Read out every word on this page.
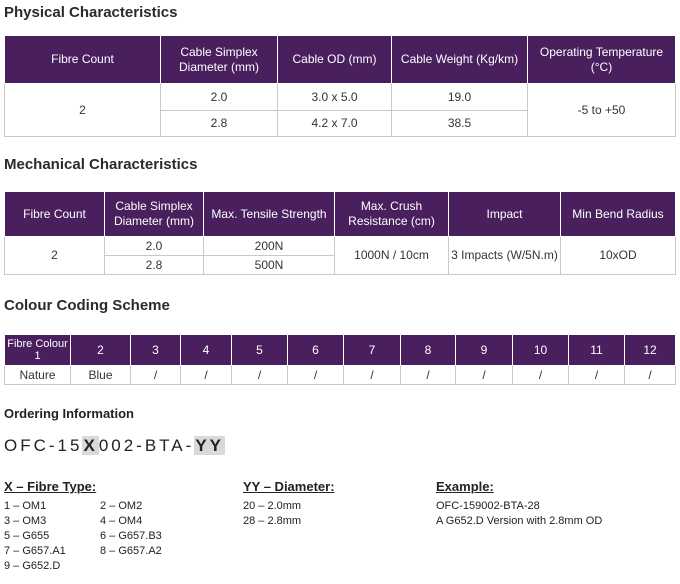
Physical Characteristics
Fibre Count	Cable Simplex Diameter (mm)	Cable OD (mm)	Cable Weight (Kg/km)	Operating Temperature (°C)
2	2.0	3.0 x 5.0	19.0	-5 to +50
	2.8	4.2 x 7.0	38.5	
Mechanical Characteristics
Fibre Count	Cable Simplex Diameter (mm)	Max. Tensile Strength	Max. Crush Resistance (cm)	Impact	Min Bend Radius
2	2.0	200N	1000N / 10cm	3 Impacts (W/5N.m)	10xOD
	2.8	500N			
Colour Coding Scheme
Fibre Colour 1	2	3	4	5	6	7	8	9	10	11	12
Nature	Blue	/	/	/	/	/	/	/	/	/	/
Ordering Information
OFC-15X002-BTA-YY
X – Fibre Type:
1 – OM1
3 – OM3
5 – G655
7 – G657.A1
9 – G652.D
2 – OM2
4 – OM4
6 – G657.B3
8 – G657.A2
YY – Diameter:
20 – 2.0mm
28 – 2.8mm
Example:
OFC-159002-BTA-28
A G652.D Version with 2.8mm OD
